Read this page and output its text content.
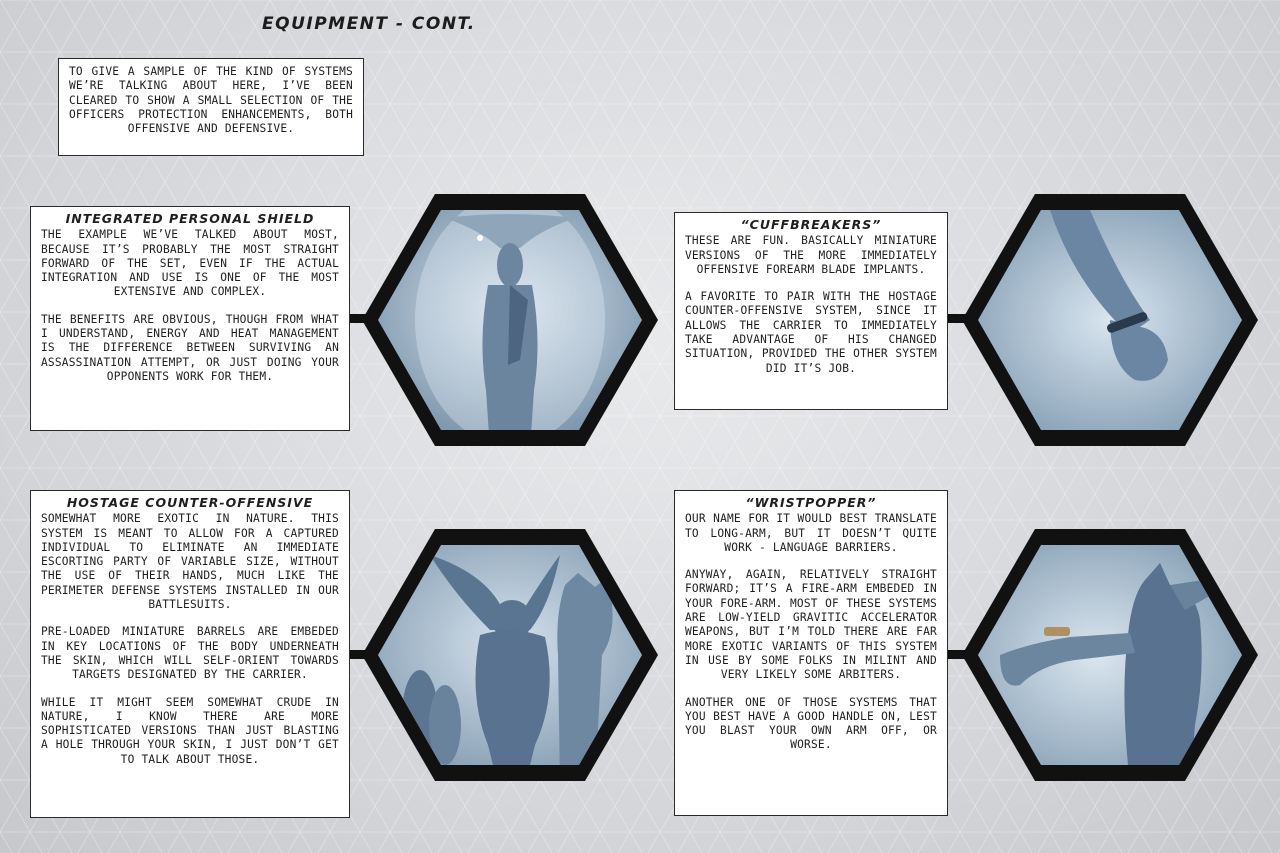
EQUIPMENT - CONT.

TO GIVE A SAMPLE OF THE KIND OF SYSTEMS WE’RE TALKING ABOUT HERE, I’VE BEEN CLEARED TO SHOW A SMALL SELECTION OF THE OFFICERS PROTECTION ENHANCEMENTS, BOTH OFFENSIVE AND DEFENSIVE.

INTEGRATED PERSONAL SHIELD

THE EXAMPLE WE’VE TALKED ABOUT MOST, BECAUSE IT’S PROBABLY THE MOST STRAIGHT FORWARD OF THE SET, EVEN IF THE ACTUAL INTEGRATION AND USE IS ONE OF THE MOST EXTENSIVE AND COMPLEX.

THE BENEFITS ARE OBVIOUS, THOUGH FROM WHAT I UNDERSTAND, ENERGY AND HEAT MANAGEMENT IS THE DIFFERENCE BETWEEN SURVIVING AN ASSASSINATION ATTEMPT, OR JUST DOING YOUR OPPONENTS WORK FOR THEM.

“CUFFBREAKERS”

THESE ARE FUN. BASICALLY MINIATURE VERSIONS OF THE MORE IMMEDIATELY OFFENSIVE FOREARM BLADE IMPLANTS.

A FAVORITE TO PAIR WITH THE HOSTAGE COUNTER-OFFENSIVE SYSTEM, SINCE IT ALLOWS THE CARRIER TO IMMEDIATELY TAKE ADVANTAGE OF HIS CHANGED SITUATION, PROVIDED THE OTHER SYSTEM DID IT’S JOB.

HOSTAGE COUNTER-OFFENSIVE

SOMEWHAT MORE EXOTIC IN NATURE. THIS SYSTEM IS MEANT TO ALLOW FOR A CAPTURED INDIVIDUAL TO ELIMINATE AN IMMEDIATE ESCORTING PARTY OF VARIABLE SIZE, WITHOUT THE USE OF THEIR HANDS, MUCH LIKE THE PERIMETER DEFENSE SYSTEMS INSTALLED IN OUR BATTLESUITS.

PRE-LOADED MINIATURE BARRELS ARE EMBEDED IN KEY LOCATIONS OF THE BODY UNDERNEATH THE SKIN, WHICH WILL SELF-ORIENT TOWARDS TARGETS DESIGNATED BY THE CARRIER.

WHILE IT MIGHT SEEM SOMEWHAT CRUDE IN NATURE, I KNOW THERE ARE MORE SOPHISTICATED VERSIONS THAN JUST BLASTING A HOLE THROUGH YOUR SKIN, I JUST DON’T GET TO TALK ABOUT THOSE.

“WRISTPOPPER”

OUR NAME FOR IT WOULD BEST TRANSLATE TO LONG-ARM, BUT IT DOESN’T QUITE WORK - LANGUAGE BARRIERS.

ANYWAY, AGAIN, RELATIVELY STRAIGHT FORWARD; IT’S A FIRE-ARM EMBEDED IN YOUR FORE-ARM. MOST OF THESE SYSTEMS ARE LOW-YIELD GRAVITIC ACCELERATOR WEAPONS, BUT I’M TOLD THERE ARE FAR MORE EXOTIC VARIANTS OF THIS SYSTEM IN USE BY SOME FOLKS IN MILINT AND VERY LIKELY SOME ARBITERS.

ANOTHER ONE OF THOSE SYSTEMS THAT YOU BEST HAVE A GOOD HANDLE ON, LEST YOU BLAST YOUR OWN ARM OFF, OR WORSE.
